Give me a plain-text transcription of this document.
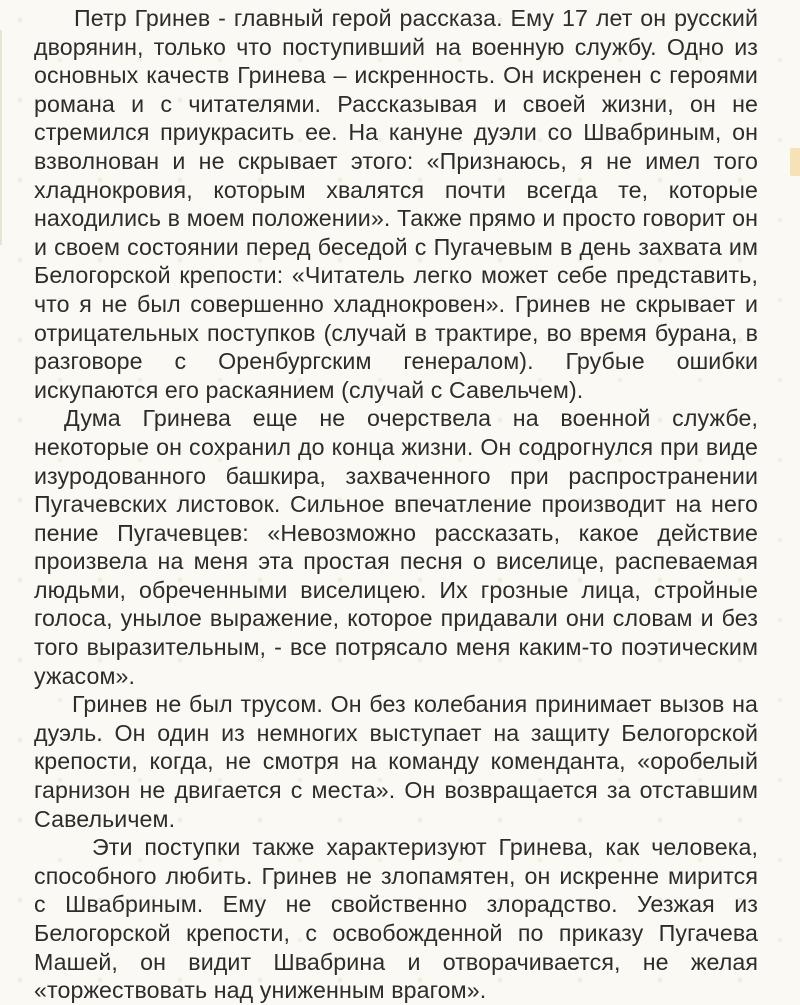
Петр Гринев - главный герой рассказа. Ему 17 лет он русский дворянин, только что поступивший на военную службу. Одно из основных качеств Гринева – искренность. Он искренен с героями романа и с читателями. Рассказывая и своей жизни, он не стремился приукрасить ее. На кануне дуэли со Швабриным, он взволнован и не скрывает этого: «Признаюсь, я не имел того хладнокровия, которым хвалятся почти всегда те, которые находились в моем положении». Также прямо и просто говорит он и своем состоянии перед беседой с Пугачевым в день захвата им Белогорской крепости: «Читатель легко может себе представить, что я не был совершенно хладнокровен». Гринев не скрывает и отрицательных поступков (случай в трактире, во время бурана, в разговоре с Оренбургским генералом). Грубые ошибки искупаются его раскаянием (случай с Савельчем).

Дума Гринева еще не очерствела на военной службе, некоторые он сохранил до конца жизни. Он содрогнулся при виде изуродованного башкира, захваченного при распространении Пугачевских листовок. Сильное впечатление производит на него пение Пугачевцев: «Невозможно рассказать, какое действие произвела на меня эта простая песня о виселице, распеваемая людьми, обреченными виселицею. Их грозные лица, стройные голоса, унылое выражение, которое придавали они словам и без того выразительным, - все потрясало меня каким-то поэтическим ужасом».

Гринев не был трусом. Он без колебания принимает вызов на дуэль. Он один из немногих выступает на защиту Белогорской крепости, когда, не смотря на команду коменданта, «оробелый гарнизон не двигается с места». Он возвращается за отставшим Савельичем.

Эти поступки также характеризуют Гринева, как человека, способного любить. Гринев не злопамятен, он искренне мирится с Швабриным. Ему не свойственно злорадство. Уезжая из Белогорской крепости, с освобожденной по приказу Пугачева Машей, он видит Швабрина и отворачивается, не желая «торжествовать над униженным врагом».
